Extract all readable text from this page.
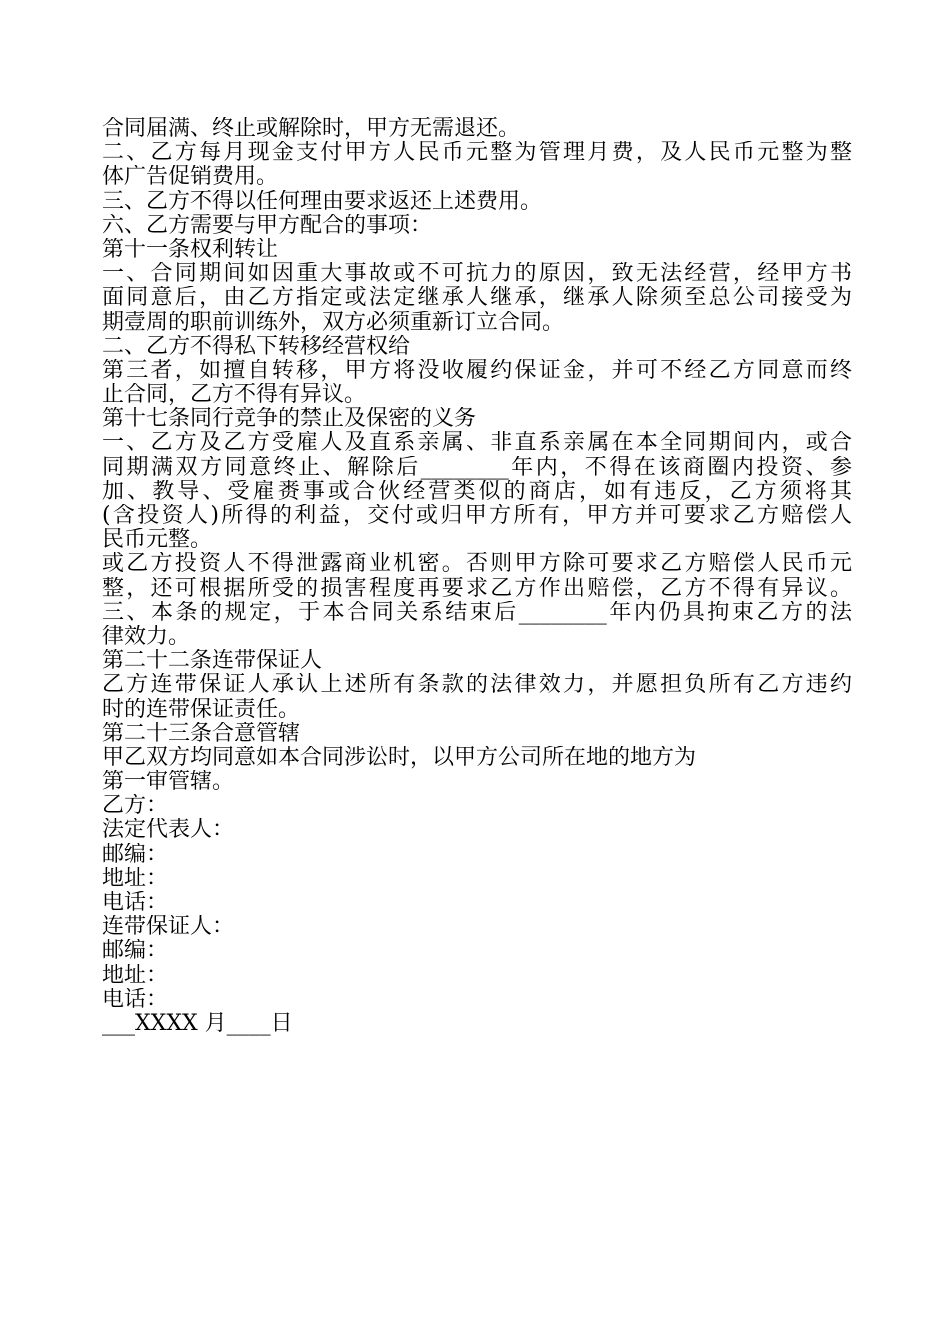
合同届满、终止或解除时，甲方无需退还。
二、乙方每月现金支付甲方人民币元整为管理月费，及人民币元整为整
体广告促销费用。
三、乙方不得以任何理由要求返还上述费用。
六、乙方需要与甲方配合的事项：
第十一条权利转让
一、合同期间如因重大事故或不可抗力的原因，致无法经营，经甲方书
面同意后，由乙方指定或法定继承人继承，继承人除须至总公司接受为
期壹周的职前训练外，双方必须重新订立合同。
二、乙方不得私下转移经营权给
第三者，如擅自转移，甲方将没收履约保证金，并可不经乙方同意而终
止合同，乙方不得有异议。
第十七条同行竞争的禁止及保密的义务
一、乙方及乙方受雇人及直系亲属、非直系亲属在本全同期间内，或合
同期满双方同意终止、解除后________年内，不得在该商圈内投资、参
加、教导、受雇赉事或合伙经营类似的商店，如有违反，乙方须将其
(含投资人)所得的利益，交付或归甲方所有，甲方并可要求乙方赔偿人
民币元整。
或乙方投资人不得泄露商业机密。否则甲方除可要求乙方赔偿人民币元
整，还可根据所受的损害程度再要求乙方作出赔偿，乙方不得有异议。
三、本条的规定，于本合同关系结束后________年内仍具拘束乙方的法
律效力。
第二十二条连带保证人
乙方连带保证人承认上述所有条款的法律效力，并愿担负所有乙方违约
时的连带保证责任。
第二十三条合意管辖
甲乙双方均同意如本合同涉讼时，以甲方公司所在地的地方为
第一审管辖。
乙方：
法定代表人：
邮编：
地址：
电话：
连带保证人：
邮编：
地址：
电话：
___XXXX 月____日
